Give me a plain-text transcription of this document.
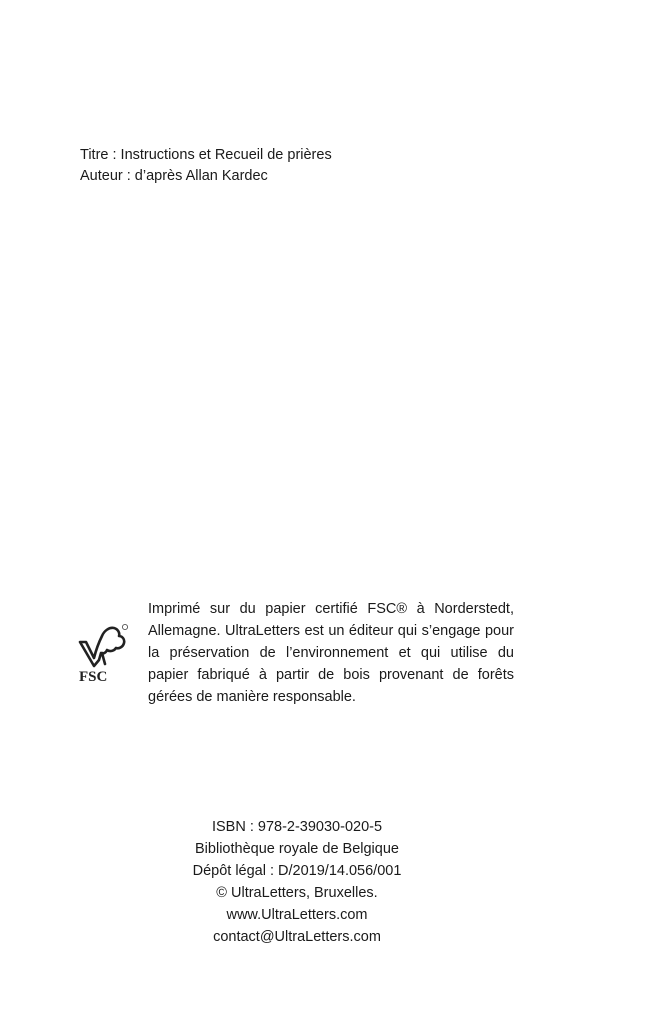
Titre : Instructions et Recueil de prières
Auteur : d’après Allan Kardec
FSC

Imprimé sur du papier certifié FSC® à Norderstedt, Allemagne. UltraLetters est un éditeur qui s’engage pour la préservation de l’environnement et qui utilise du papier fabriqué à partir de bois provenant de forêts gérées de manière responsable.

ISBN : 978-2-39030-020-5
Bibliothèque royale de Belgique
Dépôt légal : D/2019/14.056/001
© UltraLetters, Bruxelles.
www.UltraLetters.com
contact@UltraLetters.com
